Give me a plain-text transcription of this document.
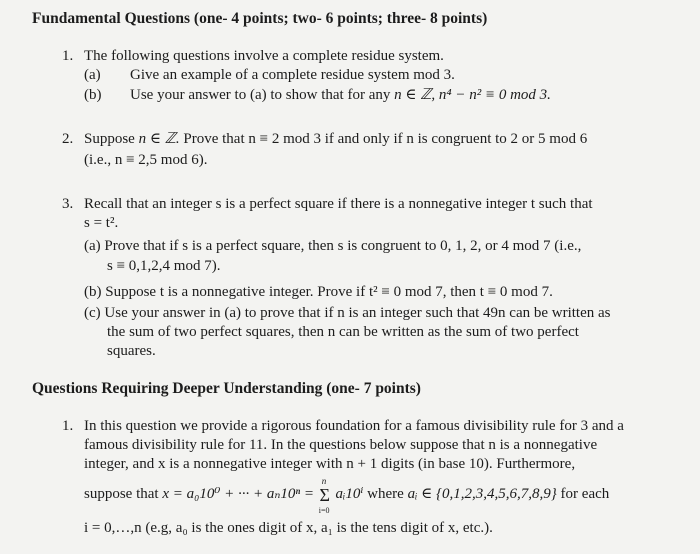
Fundamental Questions (one- 4 points; two- 6 points; three- 8 points)
1. The following questions involve a complete residue system.
(a) Give an example of a complete residue system mod 3.
(b) Use your answer to (a) to show that for any n ∈ ℤ, n⁴ − n² ≡ 0 mod 3.
2. Suppose n ∈ ℤ. Prove that n ≡ 2 mod 3 if and only if n is congruent to 2 or 5 mod 6
(i.e., n ≡ 2,5 mod 6).
3. Recall that an integer s is a perfect square if there is a nonnegative integer t such that
s = t².
(a) Prove that if s is a perfect square, then s is congruent to 0, 1, 2, or 4 mod 7 (i.e.,
s ≡ 0,1,2,4 mod 7).
(b) Suppose t is a nonnegative integer. Prove if t² ≡ 0 mod 7, then t ≡ 0 mod 7.
(c) Use your answer in (a) to prove that if n is an integer such that 49n can be written as
the sum of two perfect squares, then n can be written as the sum of two perfect
squares.
Questions Requiring Deeper Understanding (one- 7 points)
1. In this question we provide a rigorous foundation for a famous divisibility rule for 3 and a
famous divisibility rule for 11. In the questions below suppose that n is a nonnegative
integer, and x is a nonnegative integer with n + 1 digits (in base 10). Furthermore,
suppose that x = a₀10⁰ + ··· + aₙ10ⁿ =
n
Σ
i=0
aᵢ10ⁱ where aᵢ ∈ {0,1,2,3,4,5,6,7,8,9} for each
i = 0,…,n (e.g, a₀ is the ones digit of x, a₁ is the tens digit of x, etc.).
